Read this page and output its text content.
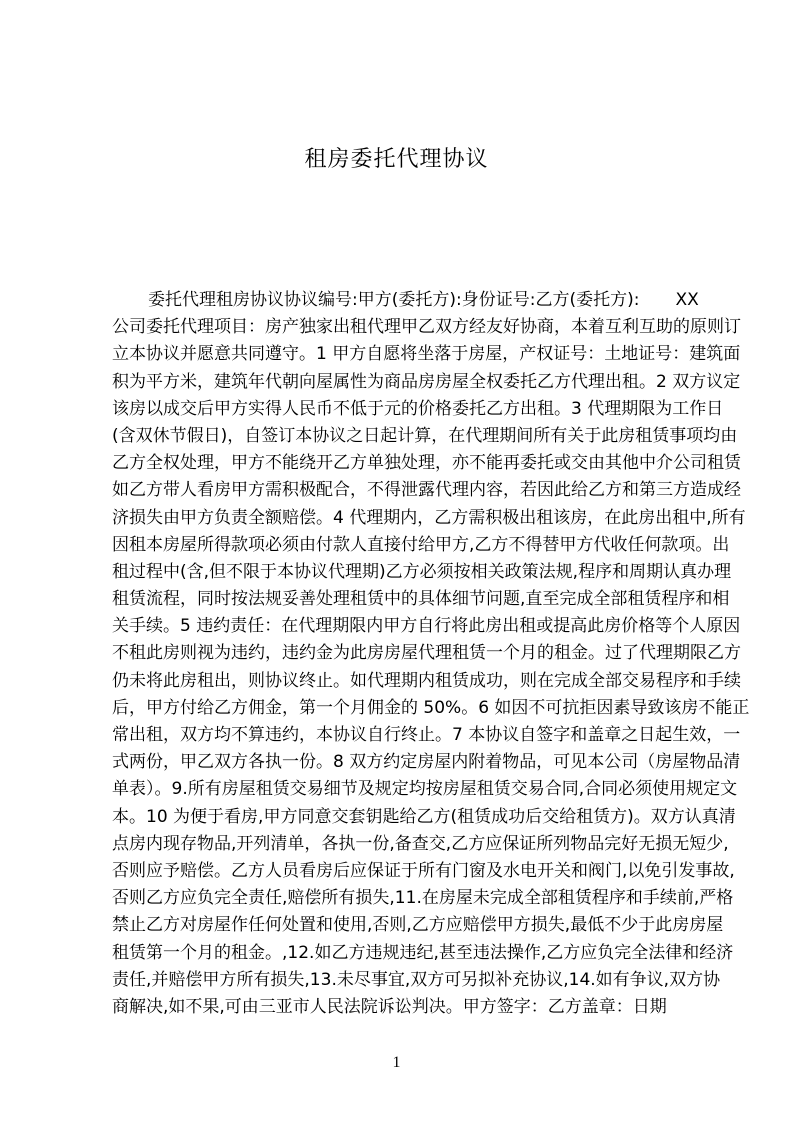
租房委托代理协议
委托代理租房协议协议编号:甲方(委托方):身份证号:乙方(委托方):	XX
公司委托代理项目：房产独家出租代理甲乙双方经友好协商，本着互利互助的原则订
立本协议并愿意共同遵守。1 甲方自愿将坐落于房屋，产权证号：土地证号：建筑面
积为平方米，建筑年代朝向屋属性为商品房房屋全权委托乙方代理出租。2 双方议定
该房以成交后甲方实得人民币不低于元的价格委托乙方出租。3 代理期限为工作日
(含双休节假日)，自签订本协议之日起计算，在代理期间所有关于此房租赁事项均由
乙方全权处理，甲方不能绕开乙方单独处理，亦不能再委托或交由其他中介公司租赁
如乙方带人看房甲方需积极配合，不得泄露代理内容，若因此给乙方和第三方造成经
济损失由甲方负责全额赔偿。4 代理期内，乙方需积极出租该房，在此房出租中,所有
因租本房屋所得款项必须由付款人直接付给甲方,乙方不得替甲方代收任何款项。出
租过程中(含,但不限于本协议代理期)乙方必须按相关政策法规,程序和周期认真办理
租赁流程，同时按法规妥善处理租赁中的具体细节问题,直至完成全部租赁程序和相
关手续。5 违约责任：在代理期限内甲方自行将此房出租或提高此房价格等个人原因
不租此房则视为违约，违约金为此房房屋代理租赁一个月的租金。过了代理期限乙方
仍未将此房租出，则协议终止。如代理期内租赁成功，则在完成全部交易程序和手续
后，甲方付给乙方佣金，第一个月佣金的 50%。6 如因不可抗拒因素导致该房不能正
常出租，双方均不算违约，本协议自行终止。7 本协议自签字和盖章之日起生效，一
式两份，甲乙双方各执一份。8 双方约定房屋内附着物品，可见本公司（房屋物品清
单表）。9.所有房屋租赁交易细节及规定均按房屋租赁交易合同,合同必须使用规定文
本。10 为便于看房,甲方同意交套钥匙给乙方(租赁成功后交给租赁方)。双方认真清
点房内现存物品,开列清单，各执一份,备查交,乙方应保证所列物品完好无损无短少,
否则应予赔偿。乙方人员看房后应保证于所有门窗及水电开关和阀门,以免引发事故,
否则乙方应负完全责任,赔偿所有损失,11.在房屋未完成全部租赁程序和手续前,严格
禁止乙方对房屋作任何处置和使用,否则,乙方应赔偿甲方损失,最低不少于此房房屋
租赁第一个月的租金。,12.如乙方违规违纪,甚至违法操作,乙方应负完全法律和经济
责任,并赔偿甲方所有损失,13.未尽事宜,双方可另拟补充协议,14.如有争议,双方协
商解决,如不果,可由三亚市人民法院诉讼判决。甲方签字：乙方盖章：日期
1
